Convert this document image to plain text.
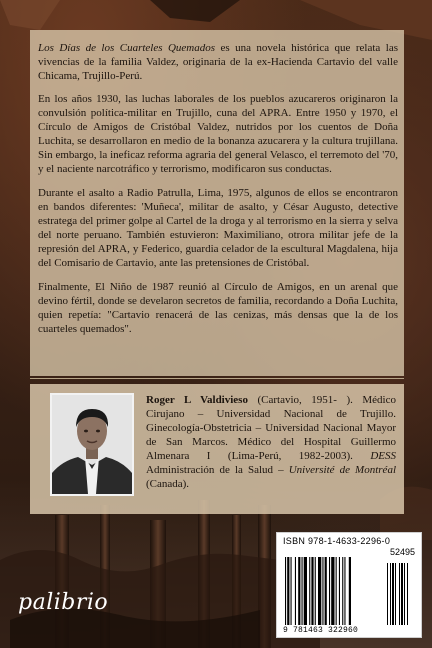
Los Días de los Cuarteles Quemados es una novela histórica que relata las vivencias de la familia Valdez, originaria de la ex-Hacienda Cartavio del valle Chicama, Trujillo-Perú.

En los años 1930, las luchas laborales de los pueblos azucareros originaron la convulsión política-militar en Trujillo, cuna del APRA. Entre 1950 y 1970, el Círculo de Amigos de Cristóbal Valdez, nutridos por los cuentos de Doña Luchita, se desarrollaron en medio de la bonanza azucarera y la cultura trujillana. Sin embargo, la ineficaz reforma agraria del general Velasco, el terremoto del '70, y el naciente narcotráfico y terrorismo, modificaron sus conductas.

Durante el asalto a Radio Patrulla, Lima, 1975, algunos de ellos se encontraron en bandos diferentes: 'Muñeca', militar de asalto, y César Augusto, detective estratega del primer golpe al Cartel de la droga y al terrorismo en la sierra y selva del norte peruano. También estuvieron: Maximiliano, otrora militar jefe de la represión del APRA, y Federico, guardia celador de la escultural Magdalena, hija del Comisario de Cartavio, ante las pretensiones de Cristóbal.

Finalmente, El Niño de 1987 reunió al Círculo de Amigos, en un arenal que devino fértil, donde se develaron secretos de familia, recordando a Doña Luchita, quien repetía: "Cartavio renacerá de las cenizas, más densas que la de los cuarteles quemados".

Roger L Valdivieso (Cartavio, 1951- ). Médico Cirujano – Universidad Nacional de Trujillo. Ginecología-Obstetricia – Universidad Nacional Mayor de San Marcos. Médico del Hospital Guillermo Almenara I (Lima-Perú, 1982-2003). DESS Administración de la Salud – Université de Montréal (Canada).
ISBN 978-1-4633-2296-0
52495
9 781463 322960
palibrio
